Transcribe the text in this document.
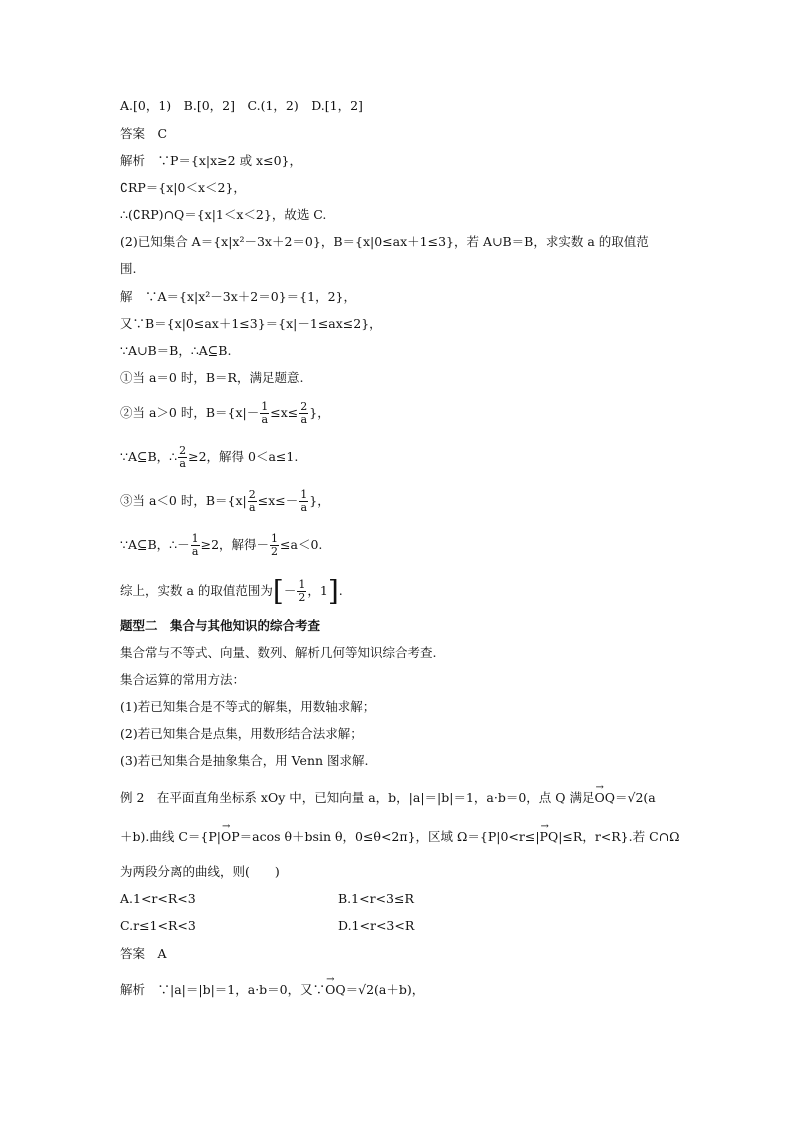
A.[0，1)　B.[0，2]　C.(1，2)　D.[1，2]
答案　C
解析　∵P＝{x|x≥2 或 x≤0}，
∁RP＝{x|0＜x＜2}，
∴(∁RP)∩Q＝{x|1＜x＜2}，故选 C.
(2)已知集合 A＝{x|x²－3x＋2＝0}，B＝{x|0≤ax＋1≤3}，若 A∪B＝B，求实数 a 的取值范
围.
解　∵A＝{x|x²－3x＋2＝0}＝{1，2}，
又∵B＝{x|0≤ax＋1≤3}＝{x|－1≤ax≤2}，
∵A∪B＝B，∴A⊆B.
①当 a＝0 时，B＝R，满足题意.
②当 a＞0 时，$B=\{x|- \frac{1}{a} \le x\le \frac{2}{a}$ }，
∵A⊆B，∴ $\frac{2}{a} \ge 2$，解得 0＜a≤1.
③当 a＜0 时，$B=\{x| \frac{2}{a} \le x\le- \frac{1}{a}$ }，
∵A⊆B，∴－ $\frac{1}{a} \ge 2$，解得－ $\frac{1}{2} \le a<0$.
综上，实数 a 的取值范围为[－ $\frac{1}{2}$ ，1].
题型二　集合与其他知识的综合考查
集合常与不等式、向量、数列、解析几何等知识综合考查.
集合运算的常用方法：
(1)若已知集合是不等式的解集，用数轴求解；
(2)若已知集合是点集，用数形结合法求解；
(3)若已知集合是抽象集合，用 Venn 图求解.
例 2　在平面直角坐标系 xOy 中，已知向量 a，b，|a|＝|b|＝1，a·b＝0，点 Q 满足→ OQ＝√2(a
＋b).曲线 C＝{P|→ OP＝acos θ＋bsin θ，0≤θ<2π}，区域 Ω＝{P|0<r≤|→ PQ|≤R，r<R}.若 C∩Ω
为两段分离的曲线，则(　　)
A.1<r<R<3	B.1<r<3≤R
C.r≤1<R<3	D.1<r<3<R
答案　A
解析　∵|a|＝|b|＝1，a·b＝0，又∵→ OQ＝√2(a＋b)，
